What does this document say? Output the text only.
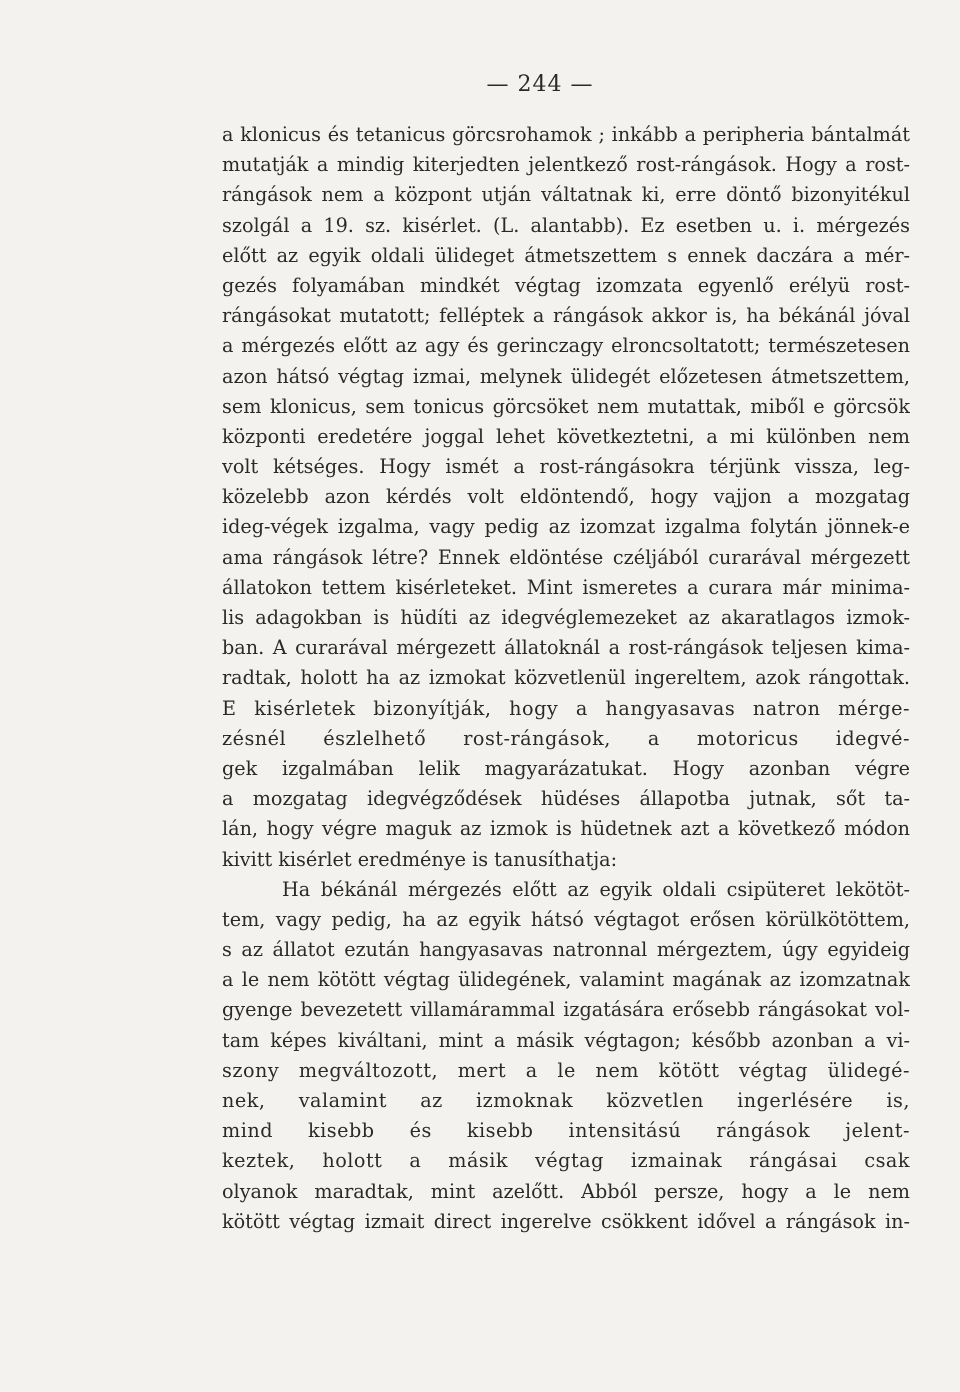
— 244 —
a klonicus és tetanicus görcsrohamok ; inkább a peripheria bántalmát
mutatják a mindig kiterjedten jelentkező rost-rángások. Hogy a rost-
rángások nem a központ utján váltatnak ki, erre döntő bizonyitékul
szolgál a 19. sz. kisérlet. (L. alantabb). Ez esetben u. i. mérgezés
előtt az egyik oldali ülideget átmetszettem s ennek daczára a mér-
gezés folyamában mindkét végtag izomzata egyenlő erélyü rost-
rángásokat mutatott; felléptek a rángások akkor is, ha békánál jóval
a mérgezés előtt az agy és gerinczagy elroncsoltatott; természetesen
azon hátsó végtag izmai, melynek ülidegét előzetesen átmetszettem,
sem klonicus, sem tonicus görcsöket nem mutattak, miből e görcsök
központi eredetére joggal lehet következtetni, a mi különben nem
volt kétséges. Hogy ismét a rost-rángásokra térjünk vissza, leg-
közelebb azon kérdés volt eldöntendő, hogy vajjon a mozgatag
ideg-végek izgalma, vagy pedig az izomzat izgalma folytán jönnek-e
ama rángások létre? Ennek eldöntése czéljából curarával mérgezett
állatokon tettem kisérleteket. Mint ismeretes a curara már minima-
lis adagokban is hüdíti az idegvéglemezeket az akaratlagos izmok-
ban. A curarával mérgezett állatoknál a rost-rángások teljesen kima-
radtak, holott ha az izmokat közvetlenül ingereltem, azok rángottak.
E kisérletek bizonyítják, hogy a hangyasavas natron mérge-
zésnél észlelhető rost-rángások, a motoricus idegvé-
gek izgalmában lelik magyarázatukat. Hogy azonban végre
a mozgatag idegvégződések hüdéses állapotba jutnak, sőt ta-
lán, hogy végre maguk az izmok is hüdetnek azt a következő módon
kivitt kisérlet eredménye is tanusíthatja:
Ha békánál mérgezés előtt az egyik oldali csipüteret lekötöt-
tem, vagy pedig, ha az egyik hátsó végtagot erősen körülkötöttem,
s az állatot ezután hangyasavas natronnal mérgeztem, úgy egyideig
a le nem kötött végtag ülidegének, valamint magának az izomzatnak
gyenge bevezetett villamárammal izgatására erősebb rángásokat vol-
tam képes kiváltani, mint a másik végtagon; később azonban a vi-
szony megváltozott, mert a le nem kötött végtag ülidegé-
nek, valamint az izmoknak közvetlen ingerlésére is,
mind kisebb és kisebb intensitású rángások jelent-
keztek, holott a másik végtag izmainak rángásai csak
olyanok maradtak, mint azelőtt. Abból persze, hogy a le nem
kötött végtag izmait direct ingerelve csökkent idővel a rángások in-
